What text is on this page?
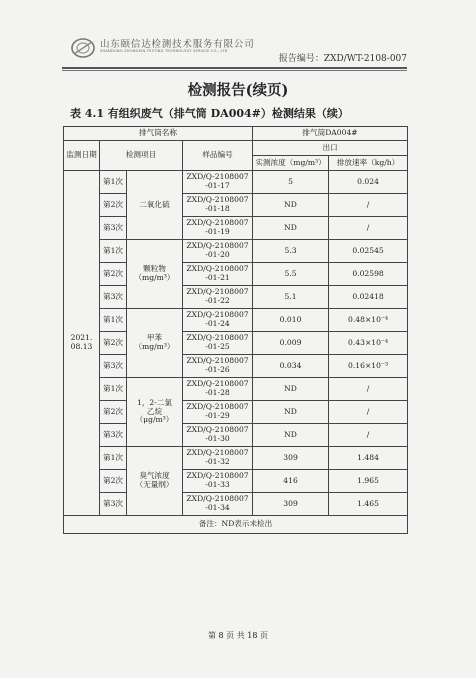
山东颐信达检测技术服务有限公司
SHANDONG ZHONGXIN TESTING TECHNOLOGY SERVICE CO., LTD
报告编号：ZXD/WT-2108-007
检测报告(续页)
表 4.1 有组织废气（排气筒 DA004#）检测结果（续）
排气筒名称				排气筒DA004#	
监测日期	检测项目		样品编号	出口	
				实测浓度（mg/m³）	排放速率（kg/h）
2021.
08.13	第1次	二氧化硫	ZXD/Q-2108007
-01-17	5	0.024
	第2次		ZXD/Q-2108007
-01-18	ND	/
	第3次		ZXD/Q-2108007
-01-19	ND	/
	第1次	颗粒物
（mg/m³）	ZXD/Q-2108007
-01-20	5.3	0.02545
	第2次		ZXD/Q-2108007
-01-21	5.5	0.02598
	第3次		ZXD/Q-2108007
-01-22	5.1	0.02418
	第1次	甲苯
（mg/m³）	ZXD/Q-2108007
-01-24	0.010	0.48×10⁻⁴
	第2次		ZXD/Q-2108007
-01-25	0.009	0.43×10⁻⁴
	第3次		ZXD/Q-2108007
-01-26	0.034	0.16×10⁻³
	第1次	1，2-二氯
乙烷
（μg/m³）	ZXD/Q-2108007
-01-28	ND	/
	第2次		ZXD/Q-2108007
-01-29	ND	/
	第3次		ZXD/Q-2108007
-01-30	ND	/
	第1次	臭气浓度
（无量纲）	ZXD/Q-2108007
-01-32	309	1.484
	第2次		ZXD/Q-2108007
-01-33	416	1.965
	第3次		ZXD/Q-2108007
-01-34	309	1.465
备注：ND表示未检出					
第 8 页 共 18 页
